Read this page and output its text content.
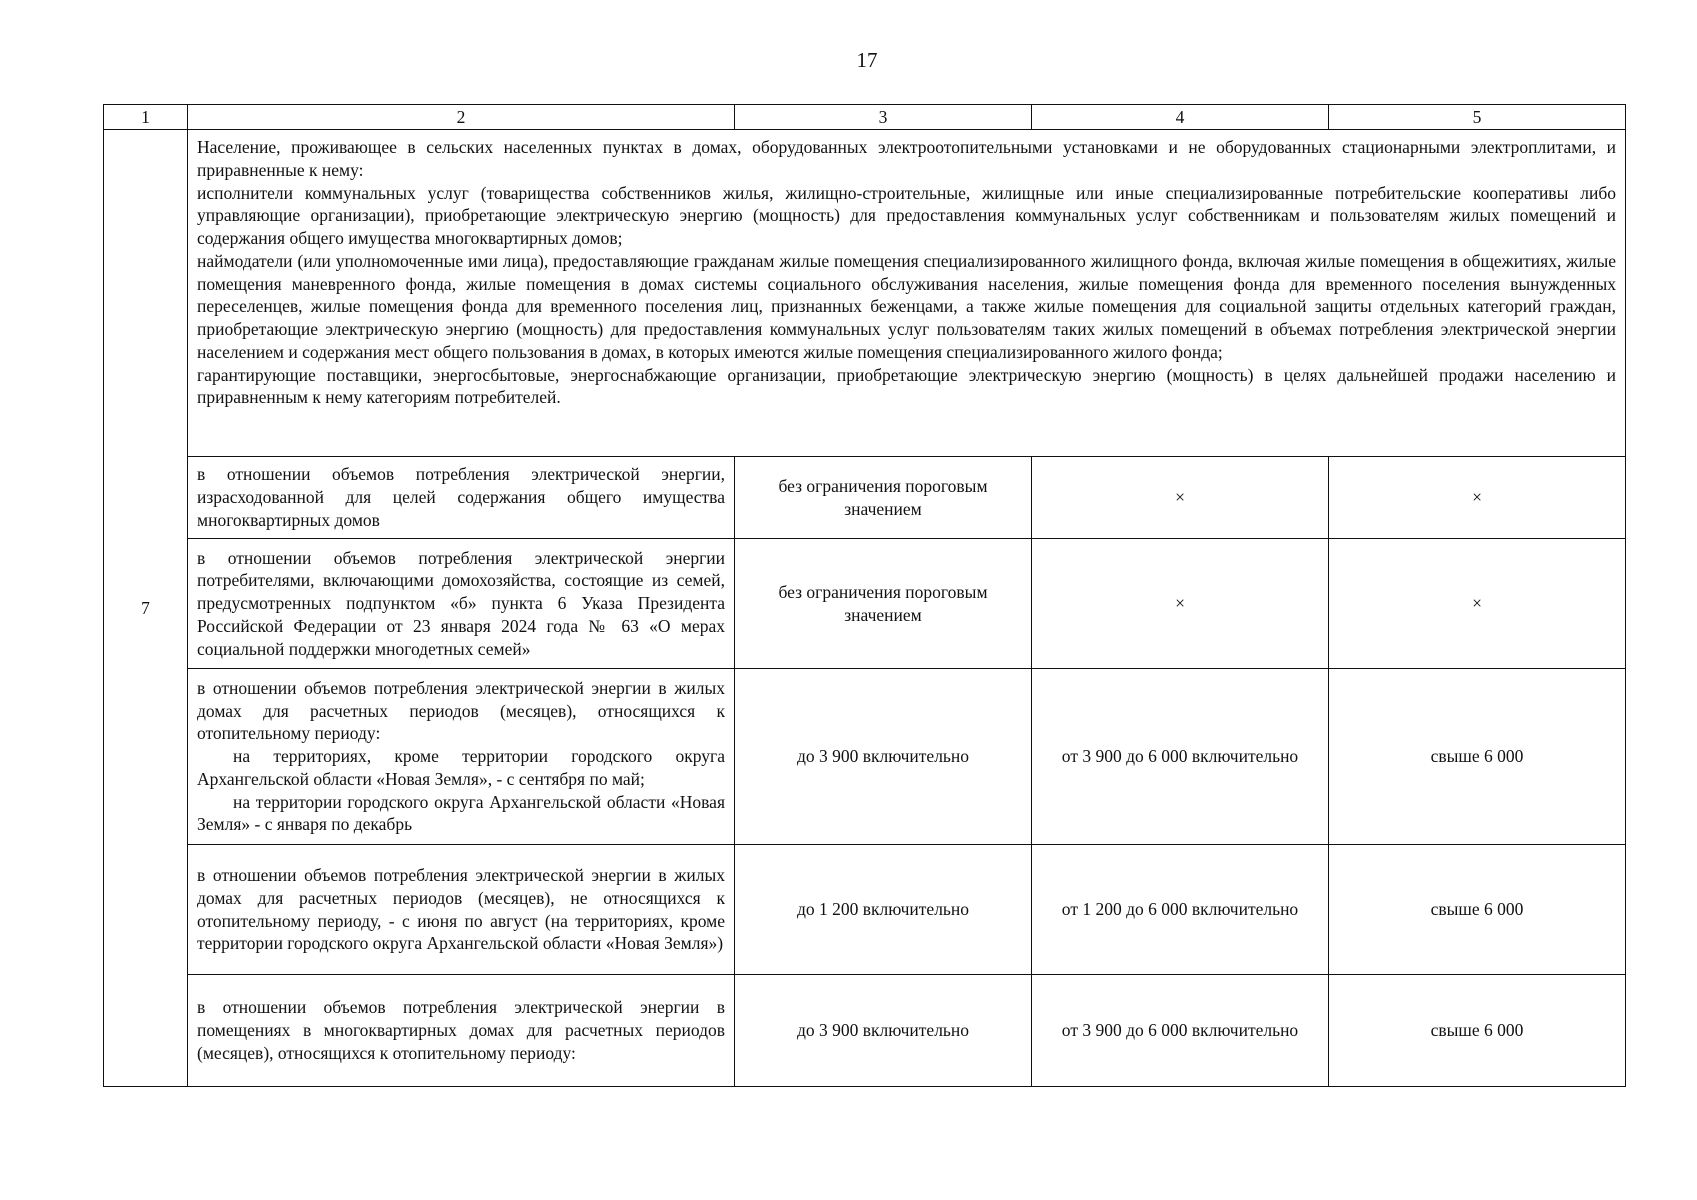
17
1	2	3	4	5
7	Население, проживающее в сельских населенных пунктах в домах, оборудованных электроотопительными установками и не оборудованных стационарными электроплитами, и приравненные к нему:
исполнители коммунальных услуг (товарищества собственников жилья, жилищно-строительные, жилищные или иные специализированные потребительские кооперативы либо управляющие организации), приобретающие электрическую энергию (мощность) для предоставления коммунальных услуг собственникам и пользователям жилых помещений и содержания общего имущества многоквартирных домов;
наймодатели (или уполномоченные ими лица), предоставляющие гражданам жилые помещения специализированного жилищного фонда, включая жилые помещения в общежитиях, жилые помещения маневренного фонда, жилые помещения в домах системы социального обслуживания населения, жилые помещения фонда для временного поселения вынужденных переселенцев, жилые помещения фонда для временного поселения лиц, признанных беженцами, а также жилые помещения для социальной защиты отдельных категорий граждан, приобретающие электрическую энергию (мощность) для предоставления коммунальных услуг пользователям таких жилых помещений в объемах потребления электрической энергии населением и содержания мест общего пользования в домах, в которых имеются жилые помещения специализированного жилого фонда;
гарантирующие поставщики, энергосбытовые, энергоснабжающие организации, приобретающие электрическую энергию (мощность) в целях дальнейшей продажи населению и приравненным к нему категориям потребителей.			

	в отношении объемов потребления электрической энергии, израсходованной для целей содержания общего имущества многоквартирных домов	без ограничения пороговым значением	×	×
	в отношении объемов потребления электрической энергии потребителями, включающими домохозяйства, состоящие из семей, предусмотренных подпунктом «б» пункта 6 Указа Президента Российской Федерации от 23 января 2024 года № 63 «О мерах социальной поддержки многодетных семей»	без ограничения пороговым значением	×	×

	в отношении объемов потребления электрической энергии в жилых домах для расчетных периодов (месяцев), относящихся к отопительному периоду:
на территориях, кроме территории городского округа Архангельской области «Новая Земля», - с сентября по май;
на территории городского округа Архангельской области «Новая Земля» - с января по декабрь	до 3 900 включительно	от 3 900 до 6 000 включительно	свыше 6 000
	в отношении объемов потребления электрической энергии в жилых домах для расчетных периодов (месяцев), не относящихся к отопительному периоду, - с июня по август (на территориях, кроме территории городского округа Архангельской области «Новая Земля»)	до 1 200 включительно	от 1 200 до 6 000 включительно	свыше 6 000
	в отношении объемов потребления электрической энергии в помещениях в многоквартирных домах для расчетных периодов (месяцев), относящихся к отопительному периоду:	до 3 900 включительно	от 3 900 до 6 000 включительно	свыше 6 000
